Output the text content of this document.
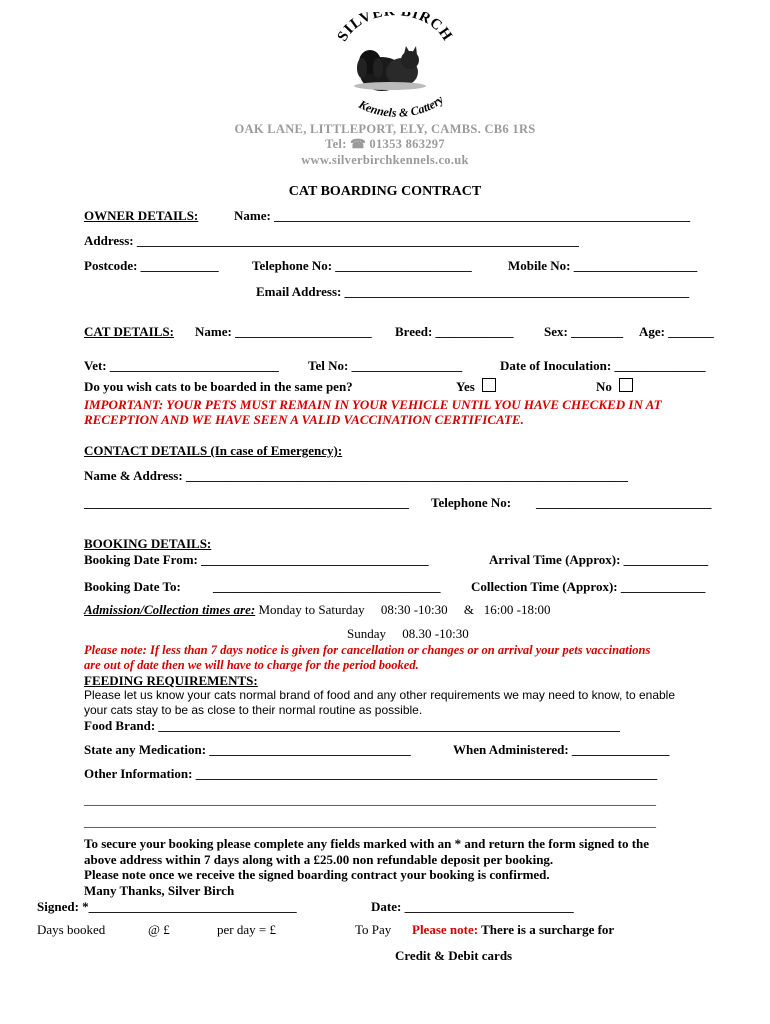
SILVE BIRCH
Kennels & Cattery
OAK LANE, LITTLEPORT, ELY, CAMBS. CB6 1RS
Tel: ☎ 01353 863297
www.silverbirchkennels.co.uk
CAT BOARDING CONTRACT
OWNER DETAILS:	Name: ________________________________________________________________
Address: ____________________________________________________________________
Postcode: ____________	Telephone No: _____________________	Mobile No: ___________________
Email Address: _____________________________________________________
CAT DETAILS: Name: _____________________ Breed: ____________ Sex: ________ Age: _______
Vet: __________________________ Tel No: _________________	Date of Inoculation: ______________
Do you wish cats to be boarded in the same pen?	Yes	No
IMPORTANT: YOUR PETS MUST REMAIN IN YOUR VEHICLE UNTIL YOU HAVE CHECKED IN AT
RECEPTION AND WE HAVE SEEN A VALID VACCINATION CERTIFICATE.
CONTACT DETAILS (In case of Emergency):
Name & Address: ____________________________________________________________________
__________________________________________________ Telephone No: ___________________________
BOOKING DETAILS:
Booking Date From: ___________________________________	Arrival Time (Approx): _____________
Booking Date To: ___________________________________ Collection Time (Approx): _____________
Admission/Collection times are: Monday to Saturday     08:30 -10:30     &   16:00 -18:00
Sunday     08.30 -10:30
Please note: If less than 7 days notice is given for cancellation or changes or on arrival your pets vaccinations
are out of date then we will have to charge for the period booked.
FEEDING REQUIREMENTS:
Please let us know your cats normal brand of food and any other requirements we may need to know, to enable
your cats stay to be as close to their normal routine as possible.
Food Brand: _______________________________________________________________________
State any Medication: _______________________________	When Administered: _______________
Other Information: _______________________________________________________________________
________________________________________________________________________________________
________________________________________________________________________________________
To secure your booking please complete any fields marked with an * and return the form signed to the
above address within 7 days along with a £25.00 non refundable deposit per booking.
Please note once we receive the signed boarding contract your booking is confirmed.
Many Thanks, Silver Birch
Signed: *________________________________	Date: __________________________
Days booked	@ £	per day = £	To Pay Please note: There is a surcharge for
Credit & Debit cards
